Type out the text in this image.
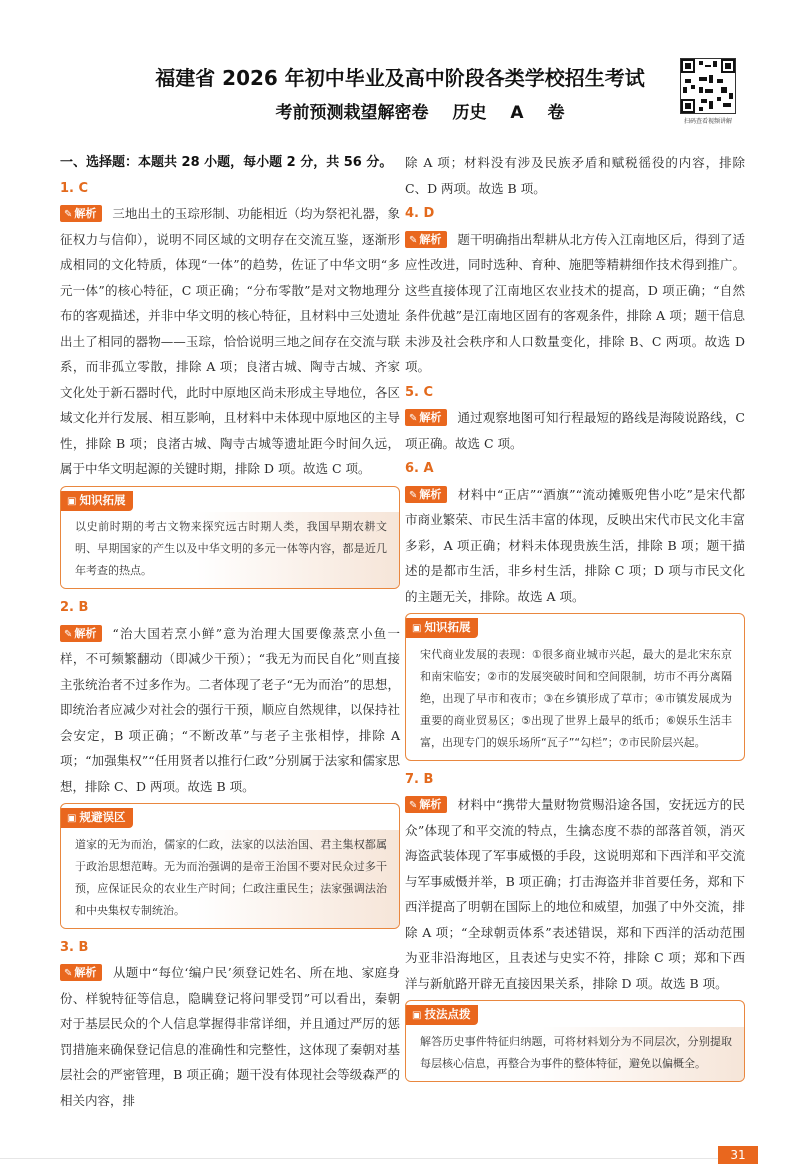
福建省 2026 年初中毕业及高中阶段各类学校招生考试
考前预测栽望解密卷 历史 A 卷	扫码查看视频讲解
一、选择题：本题共 28 小题，每小题 2 分，共 56 分。
1. C
✎ 解析 三地出土的玉琮形制、功能相近（均为祭祀礼器，象征权力与信仰），说明不同区域的文明存在交流互鉴，逐渐形成相同的文化特质，体现“一体”的趋势，佐证了中华文明“多元一体”的核心特征，C 项正确；“分布零散”是对文物地理分布的客观描述，并非中华文明的核心特征，且材料中三处遗址出土了相同的器物——玉琮，恰恰说明三地之间存在交流与联系，而非孤立零散，排除 A 项；良渚古城、陶寺古城、齐家文化处于新石器时代，此时中原地区尚未形成主导地位，各区域文化并行发展、相互影响，且材料中未体现中原地区的主导性，排除 B 项；良渚古城、陶寺古城等遗址距今时间久远，属于中华文明起源的关键时期，排除 D 项。故选 C 项。
▣ 知识拓展
以史前时期的考古文物来探究远古时期人类，我国早期农耕文明、早期国家的产生以及中华文明的多元一体等内容，都是近几年考查的热点。
2. B
✎ 解析 “治大国若烹小鲜”意为治理大国要像蒸烹小鱼一样，不可频繁翻动（即减少干预）；“我无为而民自化”则直接主张统治者不过多作为。二者体现了老子“无为而治”的思想，即统治者应减少对社会的强行干预，顺应自然规律，以保持社会安定，B 项正确；“不断改革”与老子主张相悖，排除 A 项；“加强集权”“任用贤者以推行仁政”分别属于法家和儒家思想，排除 C、D 两项。故选 B 项。
▣ 规避误区
道家的无为而治，儒家的仁政，法家的以法治国、君主集权都属于政治思想范畴。无为而治强调的是帝王治国不要对民众过多干预，应保证民众的农业生产时间；仁政注重民生；法家强调法治和中央集权专制统治。
3. B
✎ 解析 从题中“每位‘编户民’须登记姓名、所在地、家庭身份、样貌特征等信息，隐瞒登记将问罪受罚”可以看出，秦朝对于基层民众的个人信息掌握得非常详细，并且通过严厉的惩罚措施来确保登记信息的准确性和完整性，这体现了秦朝对基层社会的严密管理，B 项正确；题干没有体现社会等级森严的相关内容，排
除 A 项；材料没有涉及民族矛盾和赋税徭役的内容，排除 C、D 两项。故选 B 项。
4. D
✎ 解析 题干明确指出犁耕从北方传入江南地区后，得到了适应性改进，同时选种、育种、施肥等精耕细作技术得到推广。这些直接体现了江南地区农业技术的提高，D 项正确；“自然条件优越”是江南地区固有的客观条件，排除 A 项；题干信息未涉及社会秩序和人口数量变化，排除 B、C 两项。故选 D 项。
5. C
✎ 解析 通过观察地图可知行程最短的路线是海陵说路线，C 项正确。故选 C 项。
6. A
✎ 解析 材料中“正店”“酒旗”“流动摊贩兜售小吃”是宋代都市商业繁荣、市民生活丰富的体现，反映出宋代市民文化丰富多彩，A 项正确；材料未体现贵族生活，排除 B 项；题干描述的是都市生活，非乡村生活，排除 C 项；D 项与市民文化的主题无关，排除。故选 A 项。
▣ 知识拓展
宋代商业发展的表现：①很多商业城市兴起，最大的是北宋东京和南宋临安；②市的发展突破时间和空间限制，坊市不再分离隔绝，出现了早市和夜市；③在乡镇形成了草市；④市镇发展成为重要的商业贸易区；⑤出现了世界上最早的纸币；⑥娱乐生活丰富，出现专门的娱乐场所“瓦子”“勾栏”；⑦市民阶层兴起。
7. B
✎ 解析 材料中“携带大量财物赏赐沿途各国，安抚远方的民众”体现了和平交流的特点，生擒态度不恭的部落首领，消灭海盗武装体现了军事威慑的手段，这说明郑和下西洋和平交流与军事威慑并举，B 项正确；打击海盗并非首要任务，郑和下西洋提高了明朝在国际上的地位和威望，加强了中外交流，排除 A 项；“全球朝贡体系”表述错误，郑和下西洋的活动范围为亚非沿海地区，且表述与史实不符，排除 C 项；郑和下西洋与新航路开辟无直接因果关系，排除 D 项。故选 B 项。
▣ 技法点拨
解答历史事件特征归纳题，可将材料划分为不同层次，分别提取每层核心信息，再整合为事件的整体特征，避免以偏概全。
31
